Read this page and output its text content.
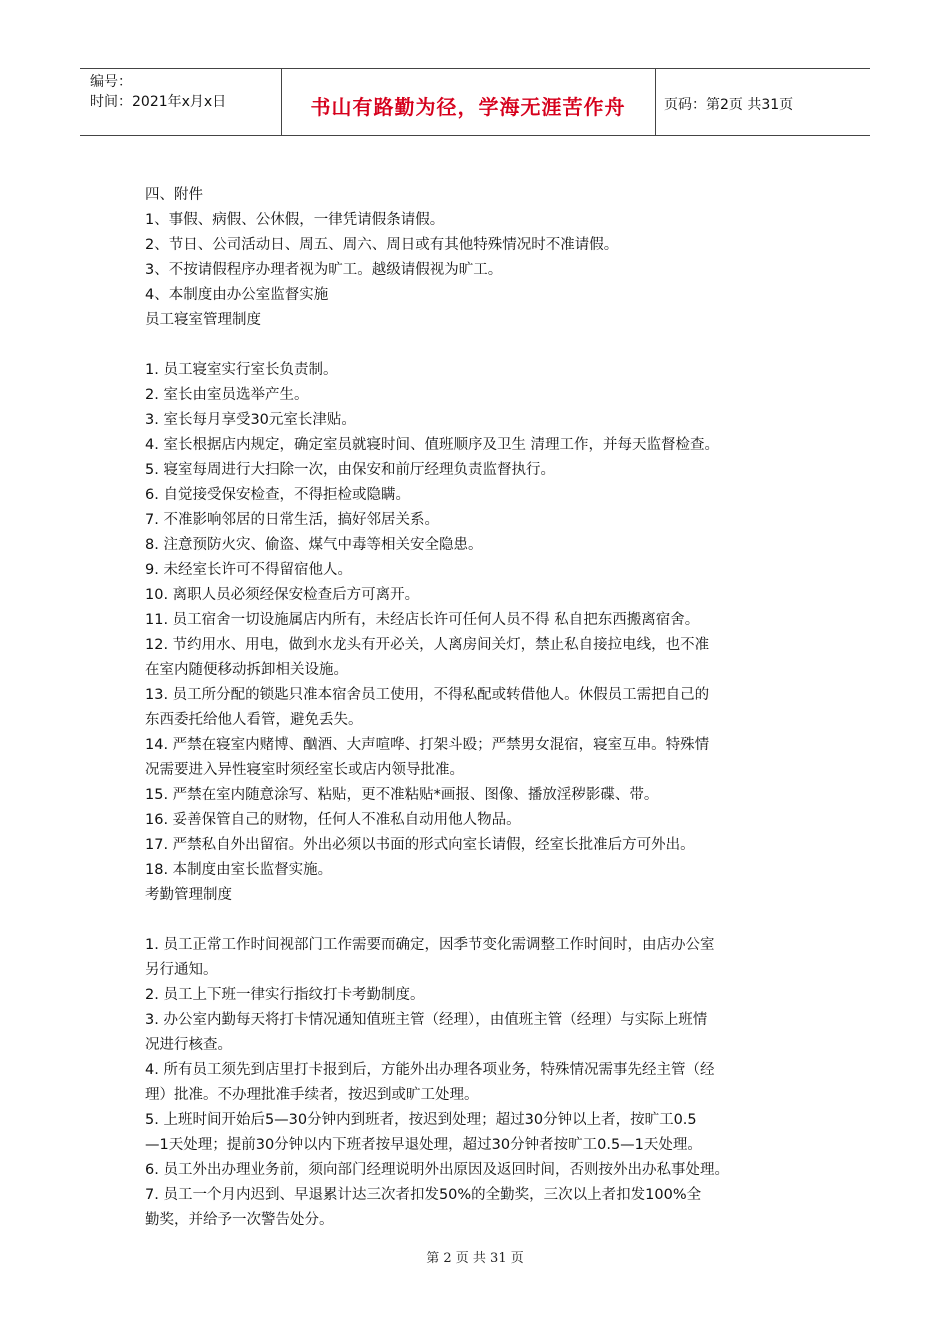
编号：
时间：2021年x月x日	书山有路勤为径，学海无涯苦作舟	页码：第2页 共31页

四、附件

1、事假、病假、公休假，一律凭请假条请假。

2、节日、公司活动日、周五、周六、周日或有其他特殊情况时不准请假。

3、不按请假程序办理者视为旷工。越级请假视为旷工。

4、本制度由办公室监督实施

员工寝室管理制度

1. 员工寝室实行室长负责制。

2. 室长由室员选举产生。

3. 室长每月享受30元室长津贴。

4. 室长根据店内规定，确定室员就寝时间、值班顺序及卫生 清理工作，并每天监督检查。

5. 寝室每周进行大扫除一次，由保安和前厅经理负责监督执行。

6. 自觉接受保安检查，不得拒检或隐瞒。

7. 不准影响邻居的日常生活，搞好邻居关系。

8. 注意预防火灾、偷盗、煤气中毒等相关安全隐患。

9. 未经室长许可不得留宿他人。

10. 离职人员必须经保安检查后方可离开。

11. 员工宿舍一切设施属店内所有，未经店长许可任何人员不得 私自把东西搬离宿舍。

12. 节约用水、用电，做到水龙头有开必关，人离房间关灯，禁止私自接拉电线，也不准

在室内随便移动拆卸相关设施。

13. 员工所分配的锁匙只准本宿舍员工使用，不得私配或转借他人。休假员工需把自己的

东西委托给他人看管，避免丢失。

14. 严禁在寝室内赌博、酗酒、大声喧哗、打架斗殴；严禁男女混宿，寝室互串。特殊情

况需要进入异性寝室时须经室长或店内领导批准。

15. 严禁在室内随意涂写、粘贴，更不准粘贴*画报、图像、播放淫秽影碟、带。

16. 妥善保管自己的财物，任何人不准私自动用他人物品。

17. 严禁私自外出留宿。外出必须以书面的形式向室长请假，经室长批准后方可外出。

18. 本制度由室长监督实施。

考勤管理制度

1. 员工正常工作时间视部门工作需要而确定，因季节变化需调整工作时间时，由店办公室

另行通知。

2. 员工上下班一律实行指纹打卡考勤制度。

3. 办公室内勤每天将打卡情况通知值班主管（经理），由值班主管（经理）与实际上班情

况进行核查。

4. 所有员工须先到店里打卡报到后，方能外出办理各项业务，特殊情况需事先经主管（经

理）批准。不办理批准手续者，按迟到或旷工处理。

5. 上班时间开始后5—30分钟内到班者，按迟到处理；超过30分钟以上者，按旷工0.5

—1天处理；提前30分钟以内下班者按早退处理，超过30分钟者按旷工0.5—1天处理。

6. 员工外出办理业务前，须向部门经理说明外出原因及返回时间，否则按外出办私事处理。

7. 员工一个月内迟到、早退累计达三次者扣发50%的全勤奖，三次以上者扣发100%全

勤奖，并给予一次警告处分。

第 2 页 共 31 页
